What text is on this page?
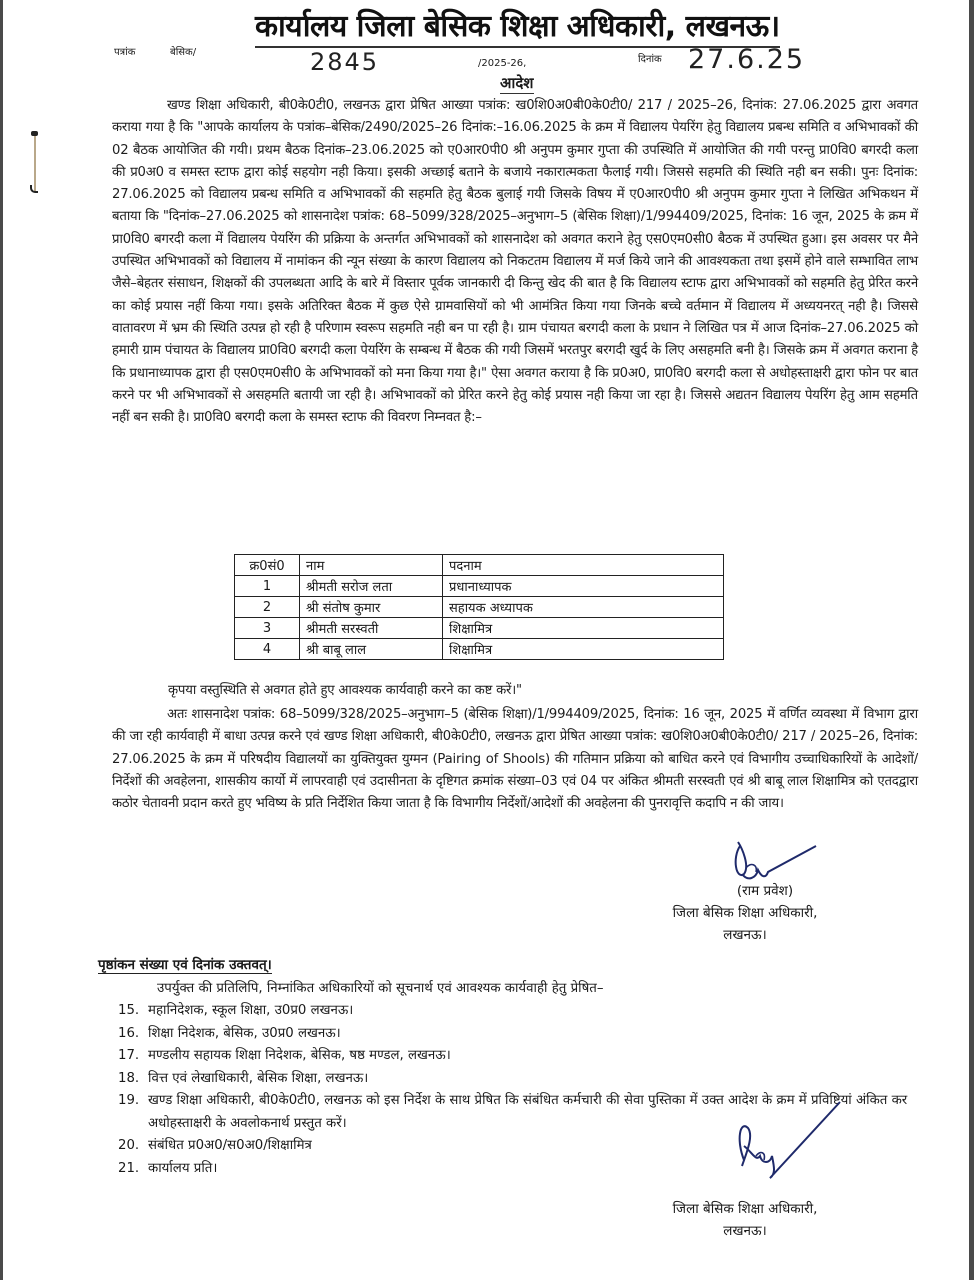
कार्यालय जिला बेसिक शिक्षा अधिकारी, लखनऊ।
पत्रांक	बेसिक/	2845	/2025-26,	दिनांक 27.6.25
आदेश
खण्ड शिक्षा अधिकारी, बी0के0टी0, लखनऊ द्वारा प्रेषित आख्या पत्रांक: ख0शि0अ0बी0के0टी0/ 217 / 2025–26, दिनांक: 27.06.2025 द्वारा अवगत कराया गया है कि "आपके कार्यालय के पत्रांक–बेसिक/2490/2025–26 दिनांक:–16.06.2025 के क्रम में विद्यालय पेयरिंग हेतु विद्यालय प्रबन्ध समिति व अभिभावकों की 02 बैठक आयोजित की गयी। प्रथम बैठक दिनांक–23.06.2025 को ए0आर0पी0 श्री अनुपम कुमार गुप्ता की उपस्थिति में आयोजित की गयी परन्तु प्रा0वि0 बगरदी कला की प्र0अ0 व समस्त स्टाफ द्वारा कोई सहयोग नही किया। इसकी अच्छाई बताने के बजाये नकारात्मकता फैलाई गयी। जिससे सहमति की स्थिति नही बन सकी। पुनः दिनांक: 27.06.2025 को विद्यालय प्रबन्ध समिति व अभिभावकों की सहमति हेतु बैठक बुलाई गयी जिसके विषय में ए0आर0पी0 श्री अनुपम कुमार गुप्ता ने लिखित अभिकथन में बताया कि "दिनांक–27.06.2025 को शासनादेश पत्रांक: 68–5099/328/2025–अनुभाग–5 (बेसिक शिक्षा)/1/994409/2025, दिनांक: 16 जून, 2025 के क्रम में प्रा0वि0 बगरदी कला में विद्यालय पेयरिंग की प्रक्रिया के अन्तर्गत अभिभावकों को शासनादेश को अवगत कराने हेतु एस0एम0सी0 बैठक में उपस्थित हुआ। इस अवसर पर मैने उपस्थित अभिभावकों को विद्यालय में नामांकन की न्यून संख्या के कारण विद्यालय को निकटतम विद्यालय में मर्ज किये जाने की आवश्यकता तथा इसमें होने वाले सम्भावित लाभ जैसे–बेहतर संसाधन, शिक्षकों की उपलब्धता आदि के बारे में विस्तार पूर्वक जानकारी दी किन्तु खेद की बात है कि विद्यालय स्टाफ द्वारा अभिभावकों को सहमति हेतु प्रेरित करने का कोई प्रयास नहीं किया गया। इसके अतिरिक्त बैठक में कुछ ऐसे ग्रामवासियों को भी आमंत्रित किया गया जिनके बच्चे वर्तमान में विद्यालय में अध्ययनरत् नही है। जिससे वातावरण में भ्रम की स्थिति उत्पन्न हो रही है परिणाम स्वरूप सहमति नही बन पा रही है। ग्राम पंचायत बरगदी कला के प्रधान ने लिखित पत्र में आज दिनांक–27.06.2025 को हमारी ग्राम पंचायत के विद्यालय प्रा0वि0 बरगदी कला पेयरिंग के सम्बन्ध में बैठक की गयी जिसमें भरतपुर बरगदी खुर्द के लिए असहमति बनी है। जिसके क्रम में अवगत कराना है कि प्रधानाध्यापक द्वारा ही एस0एम0सी0 के अभिभावकों को मना किया गया है।" ऐसा अवगत कराया है कि प्र0अ0, प्रा0वि0 बरगदी कला से अधोहस्ताक्षरी द्वारा फोन पर बात करने पर भी अभिभावकों से असहमति बतायी जा रही है। अभिभावकों को प्रेरित करने हेतु कोई प्रयास नही किया जा रहा है। जिससे अद्यतन विद्यालय पेयरिंग हेतु आम सहमति नहीं बन सकी है। प्रा0वि0 बरगदी कला के समस्त स्टाफ की विवरण निम्नवत है:–
क्र0सं0	नाम	पदनाम
1	श्रीमती सरोज लता	प्रधानाध्यापक
2	श्री संतोष कुमार	सहायक अध्यापक
3	श्रीमती सरस्वती	शिक्षामित्र
4	श्री बाबू लाल	शिक्षामित्र
कृपया वस्तुस्थिति से अवगत होते हुए आवश्यक कार्यवाही करने का कष्ट करें।"
अतः शासनादेश पत्रांक: 68–5099/328/2025–अनुभाग–5 (बेसिक शिक्षा)/1/994409/2025, दिनांक: 16 जून, 2025 में वर्णित व्यवस्था में विभाग द्वारा की जा रही कार्यवाही में बाधा उत्पन्न करने एवं खण्ड शिक्षा अधिकारी, बी0के0टी0, लखनऊ द्वारा प्रेषित आख्या पत्रांक: ख0शि0अ0बी0के0टी0/ 217 / 2025–26, दिनांक: 27.06.2025 के क्रम में परिषदीय विद्यालयों का युक्तियुक्त युग्मन (Pairing of Shools) की गतिमान प्रक्रिया को बाधित करने एवं विभागीय उच्चाधिकारियों के आदेशों/निर्देशों की अवहेलना, शासकीय कार्यो में लापरवाही एवं उदासीनता के दृष्टिगत क्रमांक संख्या–03 एवं 04 पर अंकित श्रीमती सरस्वती एवं श्री बाबू लाल शिक्षामित्र को एतदद्वारा कठोर चेतावनी प्रदान करते हुए भविष्य के प्रति निर्देशित किया जाता है कि विभागीय निर्देशों/आदेशों की अवहेलना की पुनरावृत्ति कदापि न की जाय।
(राम प्रवेश)
जिला बेसिक शिक्षा अधिकारी,
लखनऊ।
पृष्ठांकन संख्या एवं दिनांक उक्तवत्।
उपर्युक्त की प्रतिलिपि, निम्नांकित अधिकारियों को सूचनार्थ एवं आवश्यक कार्यवाही हेतु प्रेषित–
15. महानिदेशक, स्कूल शिक्षा, उ0प्र0 लखनऊ।
16. शिक्षा निदेशक, बेसिक, उ0प्र0 लखनऊ।
17. मण्डलीय सहायक शिक्षा निदेशक, बेसिक, षष्ठ मण्डल, लखनऊ।
18. वित्त एवं लेखाधिकारी, बेसिक शिक्षा, लखनऊ।
19. खण्ड शिक्षा अधिकारी, बी0के0टी0, लखनऊ को इस निर्देश के साथ प्रेषित कि संबंधित कर्मचारी की सेवा पुस्तिका में उक्त आदेश के क्रम में प्रविष्टियां अंकित कर अधोहस्ताक्षरी के अवलोकनार्थ प्रस्तुत करें।
20. संबंधित प्र0अ0/स0अ0/शिक्षामित्र
21. कार्यालय प्रति।
जिला बेसिक शिक्षा अधिकारी,
लखनऊ।
